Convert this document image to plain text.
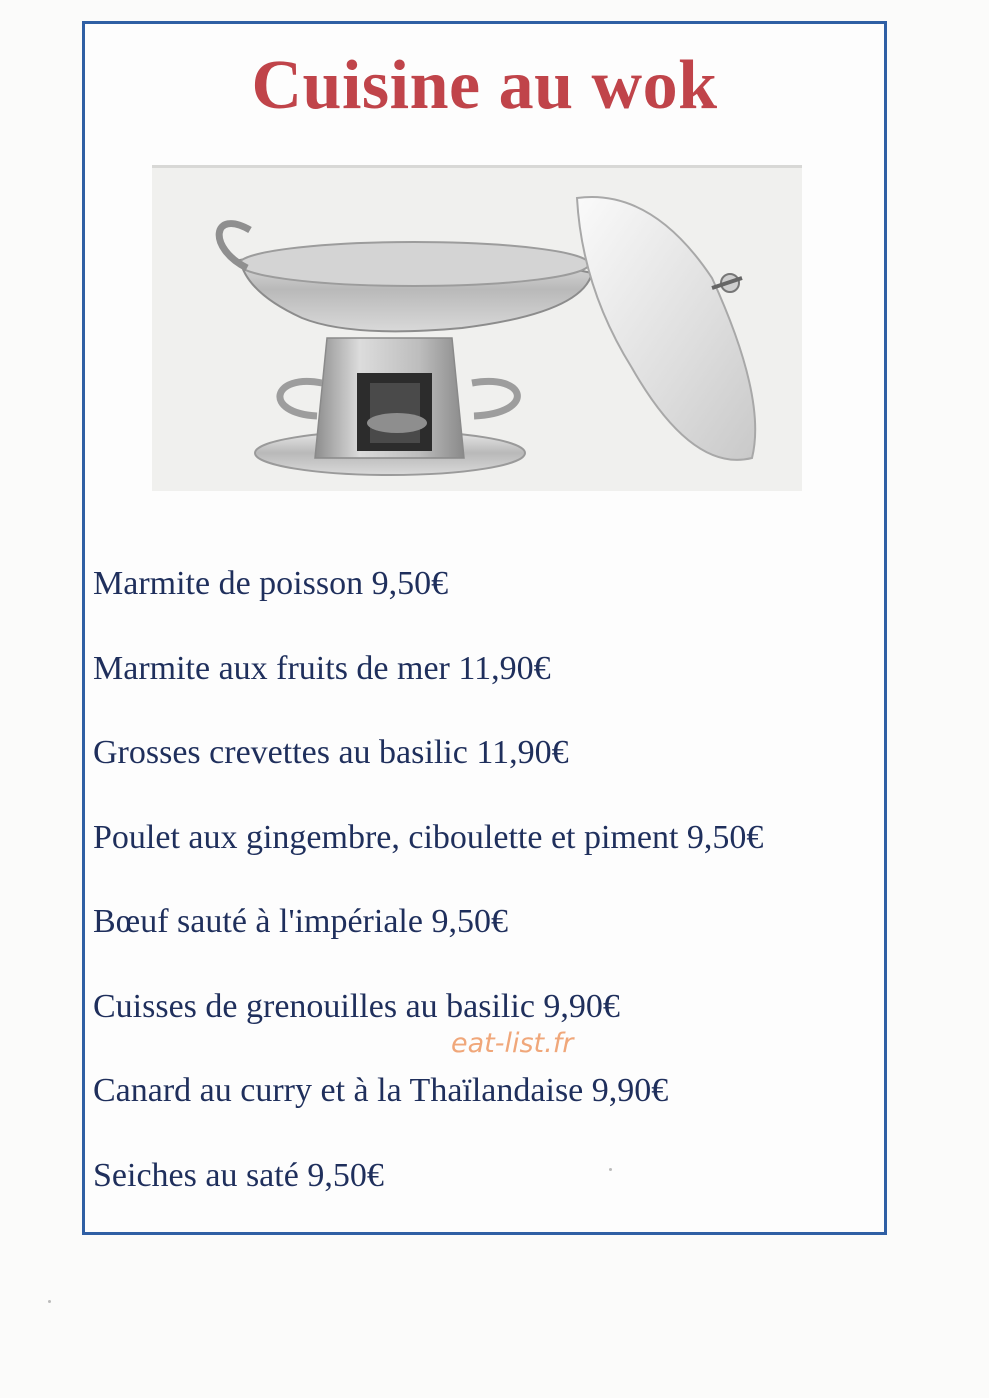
Cuisine au wok
Marmite de poisson 9,50€
Marmite aux fruits de mer 11,90€
Grosses crevettes au basilic 11,90€
Poulet aux gingembre, ciboulette et piment 9,50€
Bœuf sauté à l'impériale 9,50€
Cuisses de grenouilles au basilic 9,90€
Canard au curry et à la Thaïlandaise 9,90€
Seiches au saté 9,50€
eat-list.fr
